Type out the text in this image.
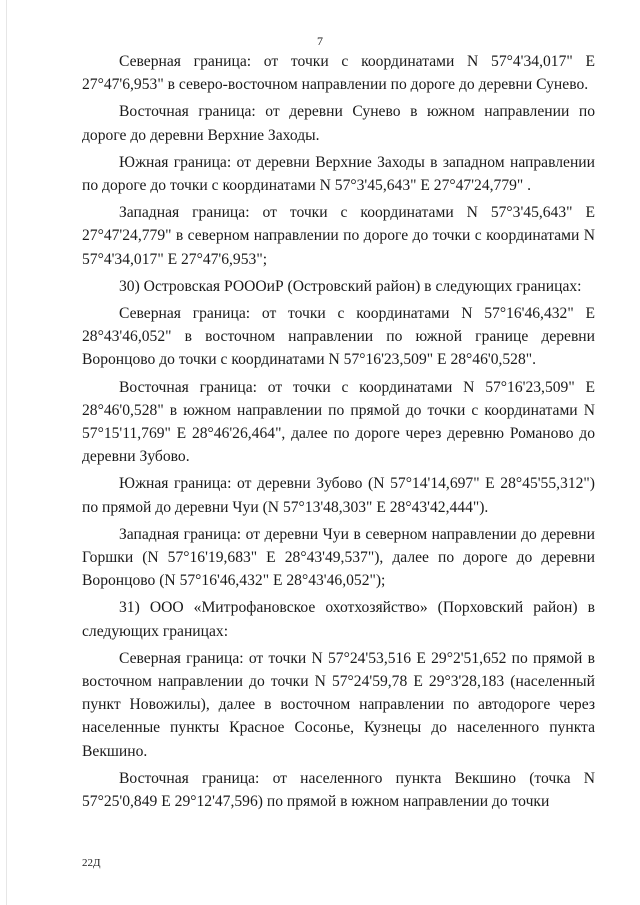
7

Северная граница: от точки с координатами N 57°4'34,017" E 27°47'6,953" в северо-восточном направлении по дороге до деревни Сунево.

Восточная граница: от деревни Сунево в южном направлении по дороге до деревни Верхние Заходы.

Южная граница: от деревни Верхние Заходы в западном направлении по дороге до точки с координатами N 57°3'45,643" E 27°47'24,779" .

Западная граница: от точки с координатами N 57°3'45,643" E 27°47'24,779" в северном направлении по дороге до точки с координатами N 57°4'34,017" E 27°47'6,953";

30) Островская РОООиР (Островский район) в следующих границах:

Северная граница: от точки с координатами N 57°16'46,432" E 28°43'46,052" в восточном направлении по южной границе деревни Воронцово до точки с координатами N 57°16'23,509" E 28°46'0,528".

Восточная граница: от точки с координатами N 57°16'23,509" E 28°46'0,528" в южном направлении по прямой до точки с координатами N 57°15'11,769" E 28°46'26,464", далее по дороге через деревню Романово до деревни Зубово.

Южная граница: от деревни Зубово (N 57°14'14,697" E 28°45'55,312") по прямой до деревни Чуи (N 57°13'48,303" E 28°43'42,444").

Западная граница: от деревни Чуи в северном направлении до деревни Горшки (N 57°16'19,683" E 28°43'49,537"), далее по дороге до деревни Воронцово (N 57°16'46,432" E 28°43'46,052");

31) ООО «Митрофановское охотхозяйство» (Порховский район) в следующих границах:

Северная граница: от точки N 57°24'53,516 E 29°2'51,652 по прямой в восточном направлении до точки N 57°24'59,78 E 29°3'28,183 (населенный пункт Новожилы), далее в восточном направлении по автодороге через населенные пункты Красное Сосонье, Кузнецы до населенного пункта Векшино.

Восточная граница: от населенного пункта Векшино (точка N 57°25'0,849 E 29°12'47,596) по прямой в южном направлении до точки

22Д
